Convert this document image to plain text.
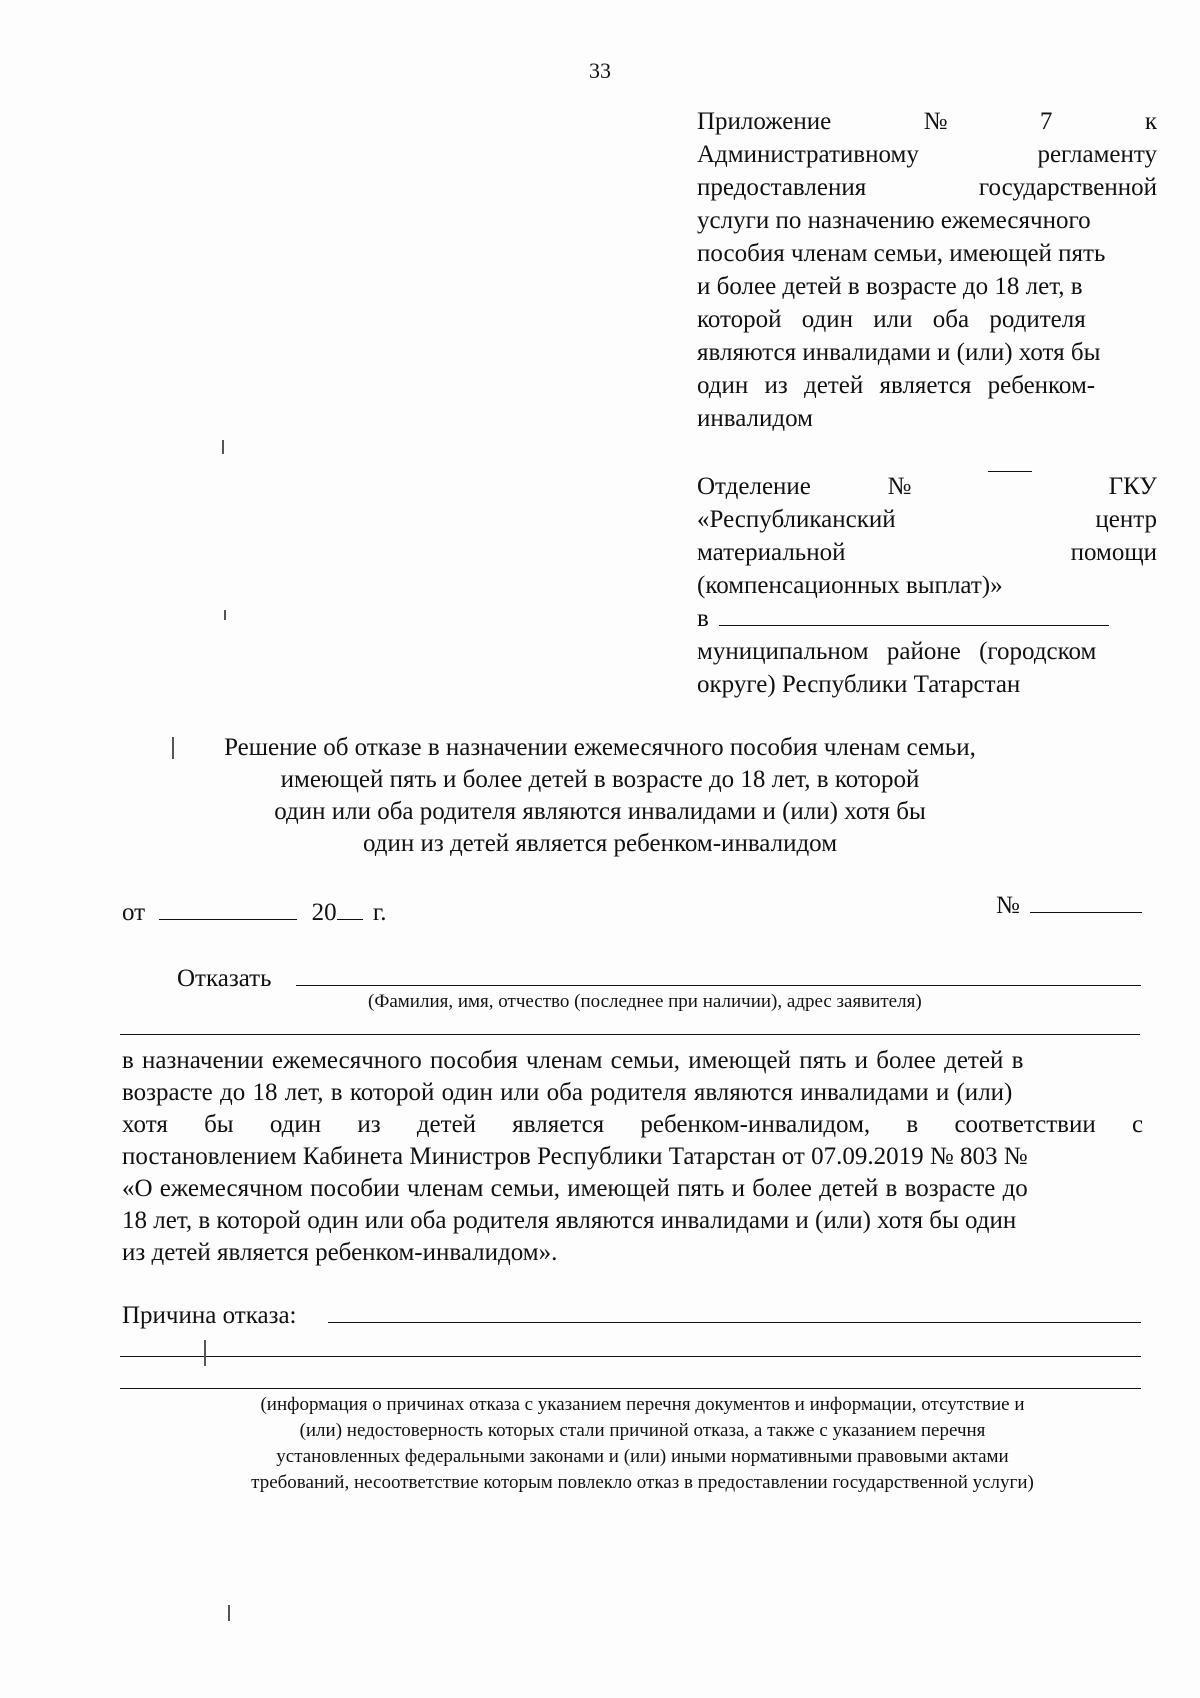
33
Приложение	№	7	к
Административному	регламенту
предоставления	государственной
услуги по назначению ежемесячного
пособия членам семьи, имеющей пять
и более детей в возрасте до 18 лет, в
которой один или оба родителя
являются инвалидами и (или) хотя бы
один из детей является ребенком-
инвалидом
Отделение	№	ГКУ
«Республиканский	центр
материальной	помощи
(компенсационных выплат)»
в
муниципальном районе (городском
округе) Республики Татарстан
Решение об отказе в назначении ежемесячного пособия членам семьи,
имеющей пять и более детей в возрасте до 18 лет, в которой
один или оба родителя являются инвалидами и (или) хотя бы
один из детей является ребенком-инвалидом
от	20 г.	№
Отказать
(Фамилия, имя, отчество (последнее при наличии), адрес заявителя)
в назначении ежемесячного пособия членам семьи, имеющей пять и более детей в
возрасте до 18 лет, в которой один или оба родителя являются инвалидами и (или)
хотя бы один из детей является ребенком-инвалидом, в соответствии с
постановлением Кабинета Министров Республики Татарстан от 07.09.2019 № 803 №
«О ежемесячном пособии членам семьи, имеющей пять и более детей в возрасте до
18 лет, в которой один или оба родителя являются инвалидами и (или) хотя бы один
из детей является ребенком-инвалидом».
Причина отказа:
(информация о причинах отказа с указанием перечня документов и информации, отсутствие и
(или) недостоверность которых стали причиной отказа, а также с указанием перечня
установленных федеральными законами и (или) иными нормативными правовыми актами
требований, несоответствие которым повлекло отказ в предоставлении государственной услуги)
